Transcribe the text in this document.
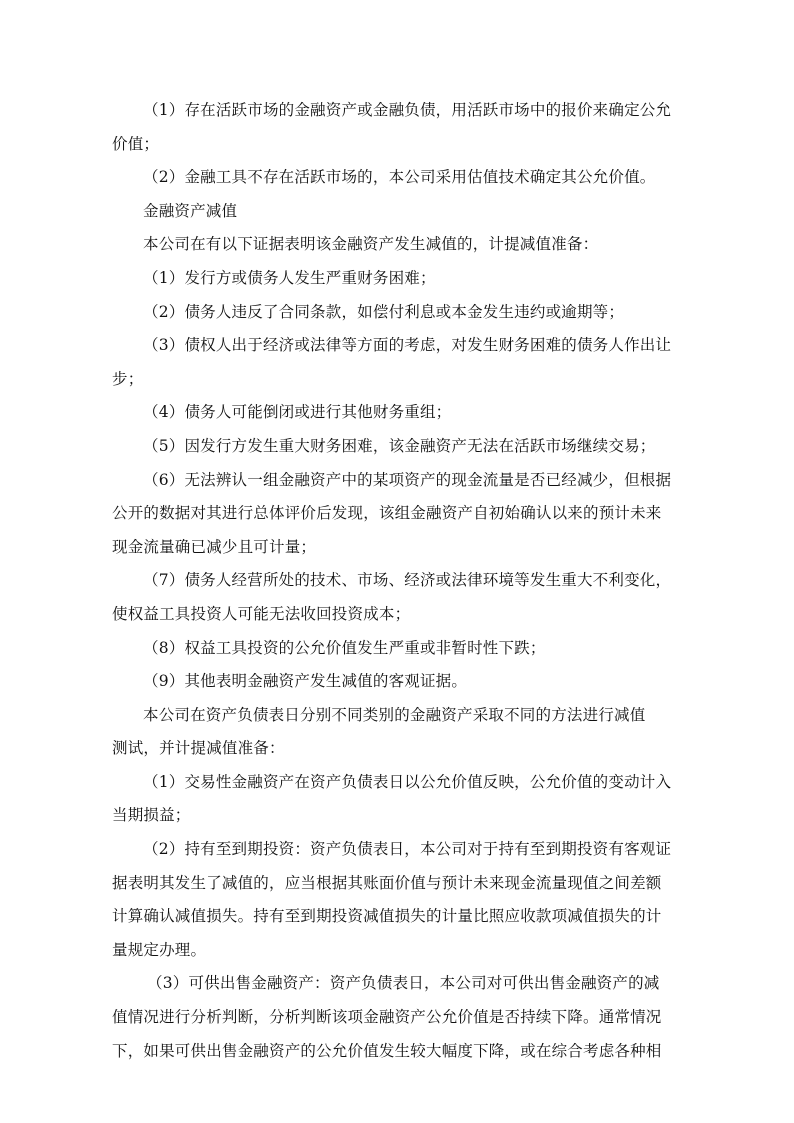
（1）存在活跃市场的金融资产或金融负债，用活跃市场中的报价来确定公允
价值；
（2）金融工具不存在活跃市场的，本公司采用估值技术确定其公允价值。
金融资产减值
本公司在有以下证据表明该金融资产发生减值的，计提减值准备：
（1）发行方或债务人发生严重财务困难；
（2）债务人违反了合同条款，如偿付利息或本金发生违约或逾期等；
（3）债权人出于经济或法律等方面的考虑，对发生财务困难的债务人作出让
步；
（4）债务人可能倒闭或进行其他财务重组；
（5）因发行方发生重大财务困难，该金融资产无法在活跃市场继续交易；
（6）无法辨认一组金融资产中的某项资产的现金流量是否已经减少，但根据
公开的数据对其进行总体评价后发现，该组金融资产自初始确认以来的预计未来
现金流量确已减少且可计量；
（7）债务人经营所处的技术、市场、经济或法律环境等发生重大不利变化，
使权益工具投资人可能无法收回投资成本；
（8）权益工具投资的公允价值发生严重或非暂时性下跌；
（9）其他表明金融资产发生减值的客观证据。
本公司在资产负债表日分别不同类别的金融资产采取不同的方法进行减值
测试，并计提减值准备：
（1）交易性金融资产在资产负债表日以公允价值反映，公允价值的变动计入
当期损益；
（2）持有至到期投资：资产负债表日，本公司对于持有至到期投资有客观证
据表明其发生了减值的，应当根据其账面价值与预计未来现金流量现值之间差额
计算确认减值损失。持有至到期投资减值损失的计量比照应收款项减值损失的计
量规定办理。
（3）可供出售金融资产：资产负债表日，本公司对可供出售金融资产的减
值情况进行分析判断，分析判断该项金融资产公允价值是否持续下降。通常情况
下，如果可供出售金融资产的公允价值发生较大幅度下降，或在综合考虑各种相
